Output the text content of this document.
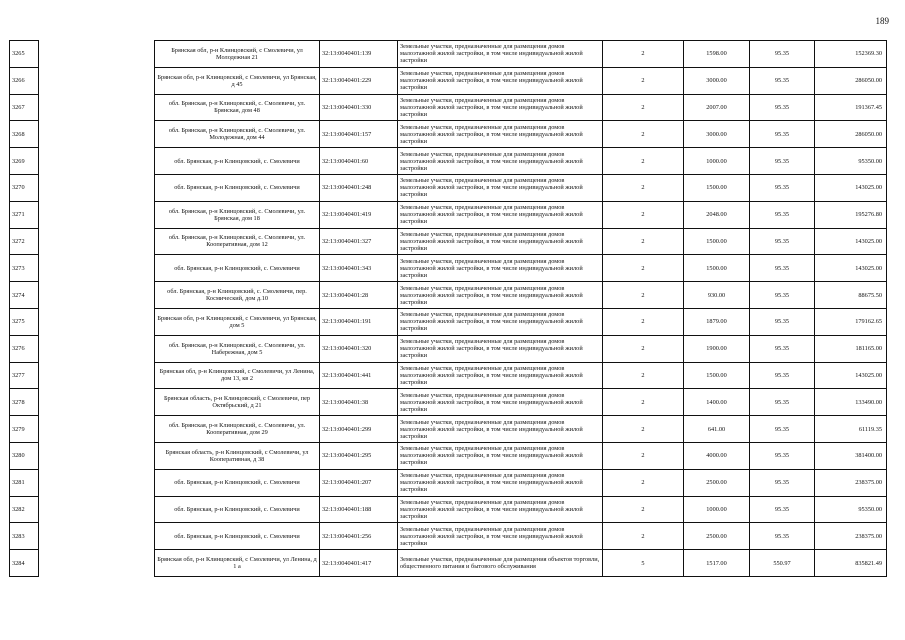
189
3265		Брянская обл, р-н Клинцовский, с Смолевичи, ул Молодежная 21	32:13:0040401:139	Земельные участки, предназначенные для размещения домов малоэтажной жилой застройки, в том числе индивидуальной жилой застройки	2	1598.00	95.35	152369.30
3266		Брянская обл, р-н Клинцовский, с Смолевичи, ул Брянская, д 45	32:13:0040401:229	Земельные участки, предназначенные для размещения домов малоэтажной жилой застройки, в том числе индивидуальной жилой застройки	2	3000.00	95.35	286050.00
3267		обл. Брянская, р-н Клинцовский, с. Смолевичи, ул. Брянская, дом 48	32:13:0040401:330	Земельные участки, предназначенные для размещения домов малоэтажной жилой застройки, в том числе индивидуальной жилой застройки	2	2007.00	95.35	191367.45
3268		обл. Брянская, р-н Клинцовский, с. Смолевичи, ул. Молодежная, дом 44	32:13:0040401:157	Земельные участки, предназначенные для размещения домов малоэтажной жилой застройки, в том числе индивидуальной жилой застройки	2	3000.00	95.35	286050.00
3269		обл. Брянская, р-н Клинцовский, с. Смолевичи	32:13:0040401:60	Земельные участки, предназначенные для размещения домов малоэтажной жилой застройки, в том числе индивидуальной жилой застройки	2	1000.00	95.35	95350.00
3270		обл. Брянская, р-н Клинцовский, с. Смолевичи	32:13:0040401:248	Земельные участки, предназначенные для размещения домов малоэтажной жилой застройки, в том числе индивидуальной жилой застройки	2	1500.00	95.35	143025.00
3271		обл. Брянская, р-н Клинцовский, с. Смолевичи, ул. Брянская, дом 18	32:13:0040401:419	Земельные участки, предназначенные для размещения домов малоэтажной жилой застройки, в том числе индивидуальной жилой застройки	2	2048.00	95.35	195276.80
3272		обл. Брянская, р-н Клинцовский, с. Смолевичи, ул. Кооперативная, дом 12	32:13:0040401:327	Земельные участки, предназначенные для размещения домов малоэтажной жилой застройки, в том числе индивидуальной жилой застройки	2	1500.00	95.35	143025.00
3273		обл. Брянская, р-н Клинцовский, с. Смолевичи	32:13:0040401:343	Земельные участки, предназначенные для размещения домов малоэтажной жилой застройки, в том числе индивидуальной жилой застройки	2	1500.00	95.35	143025.00
3274		обл. Брянская, р-н Клинцовский, с. Смолевичи, пер. Космический, дом д.10	32:13:0040401:28	Земельные участки, предназначенные для размещения домов малоэтажной жилой застройки, в том числе индивидуальной жилой застройки	2	930.00	95.35	88675.50
3275		Брянская обл, р-н Клинцовский, с Смолевичи, ул Брянская, дом 5	32:13:0040401:191	Земельные участки, предназначенные для размещения домов малоэтажной жилой застройки, в том числе индивидуальной жилой застройки	2	1879.00	95.35	179162.65
3276		обл. Брянская, р-н Клинцовский, с. Смолевичи, ул. Набережная, дом 5	32:13:0040401:320	Земельные участки, предназначенные для размещения домов малоэтажной жилой застройки, в том числе индивидуальной жилой застройки	2	1900.00	95.35	181165.00
3277		Брянская обл, р-н Клинцовский, с Смолевичи, ул Ленина, дом 13, кв 2	32:13:0040401:441	Земельные участки, предназначенные для размещения домов малоэтажной жилой застройки, в том числе индивидуальной жилой застройки	2	1500.00	95.35	143025.00
3278		Брянская область, р-н Клинцовский, с Смолевичи, пер Октябрьский, д 21	32:13:0040401:38	Земельные участки, предназначенные для размещения домов малоэтажной жилой застройки, в том числе индивидуальной жилой застройки	2	1400.00	95.35	133490.00
3279		обл. Брянская, р-н Клинцовский, с. Смолевичи, ул. Кооперативная, дом 29	32:13:0040401:299	Земельные участки, предназначенные для размещения домов малоэтажной жилой застройки, в том числе индивидуальной жилой застройки	2	641.00	95.35	61119.35
3280		Брянская область, р-н Клинцовский, с Смолевичи, ул Кооперативная, д 38	32:13:0040401:295	Земельные участки, предназначенные для размещения домов малоэтажной жилой застройки, в том числе индивидуальной жилой застройки	2	4000.00	95.35	381400.00
3281		обл. Брянская, р-н Клинцовский, с. Смолевичи	32:13:0040401:207	Земельные участки, предназначенные для размещения домов малоэтажной жилой застройки, в том числе индивидуальной жилой застройки	2	2500.00	95.35	238375.00
3282		обл. Брянская, р-н Клинцовский, с. Смолевичи	32:13:0040401:188	Земельные участки, предназначенные для размещения домов малоэтажной жилой застройки, в том числе индивидуальной жилой застройки	2	1000.00	95.35	95350.00
3283		обл. Брянская, р-н Клинцовский, с. Смолевичи	32:13:0040401:256	Земельные участки, предназначенные для размещения домов малоэтажной жилой застройки, в том числе индивидуальной жилой застройки	2	2500.00	95.35	238375.00
3284		Брянская обл, р-н Клинцовский, с Смолевичи, ул Ленина, д 1 а	32:13:0040401:417	Земельные участки, предназначенные для размещения объектов торговли, общественного питания и бытового обслуживания	5	1517.00	550.97	835821.49
